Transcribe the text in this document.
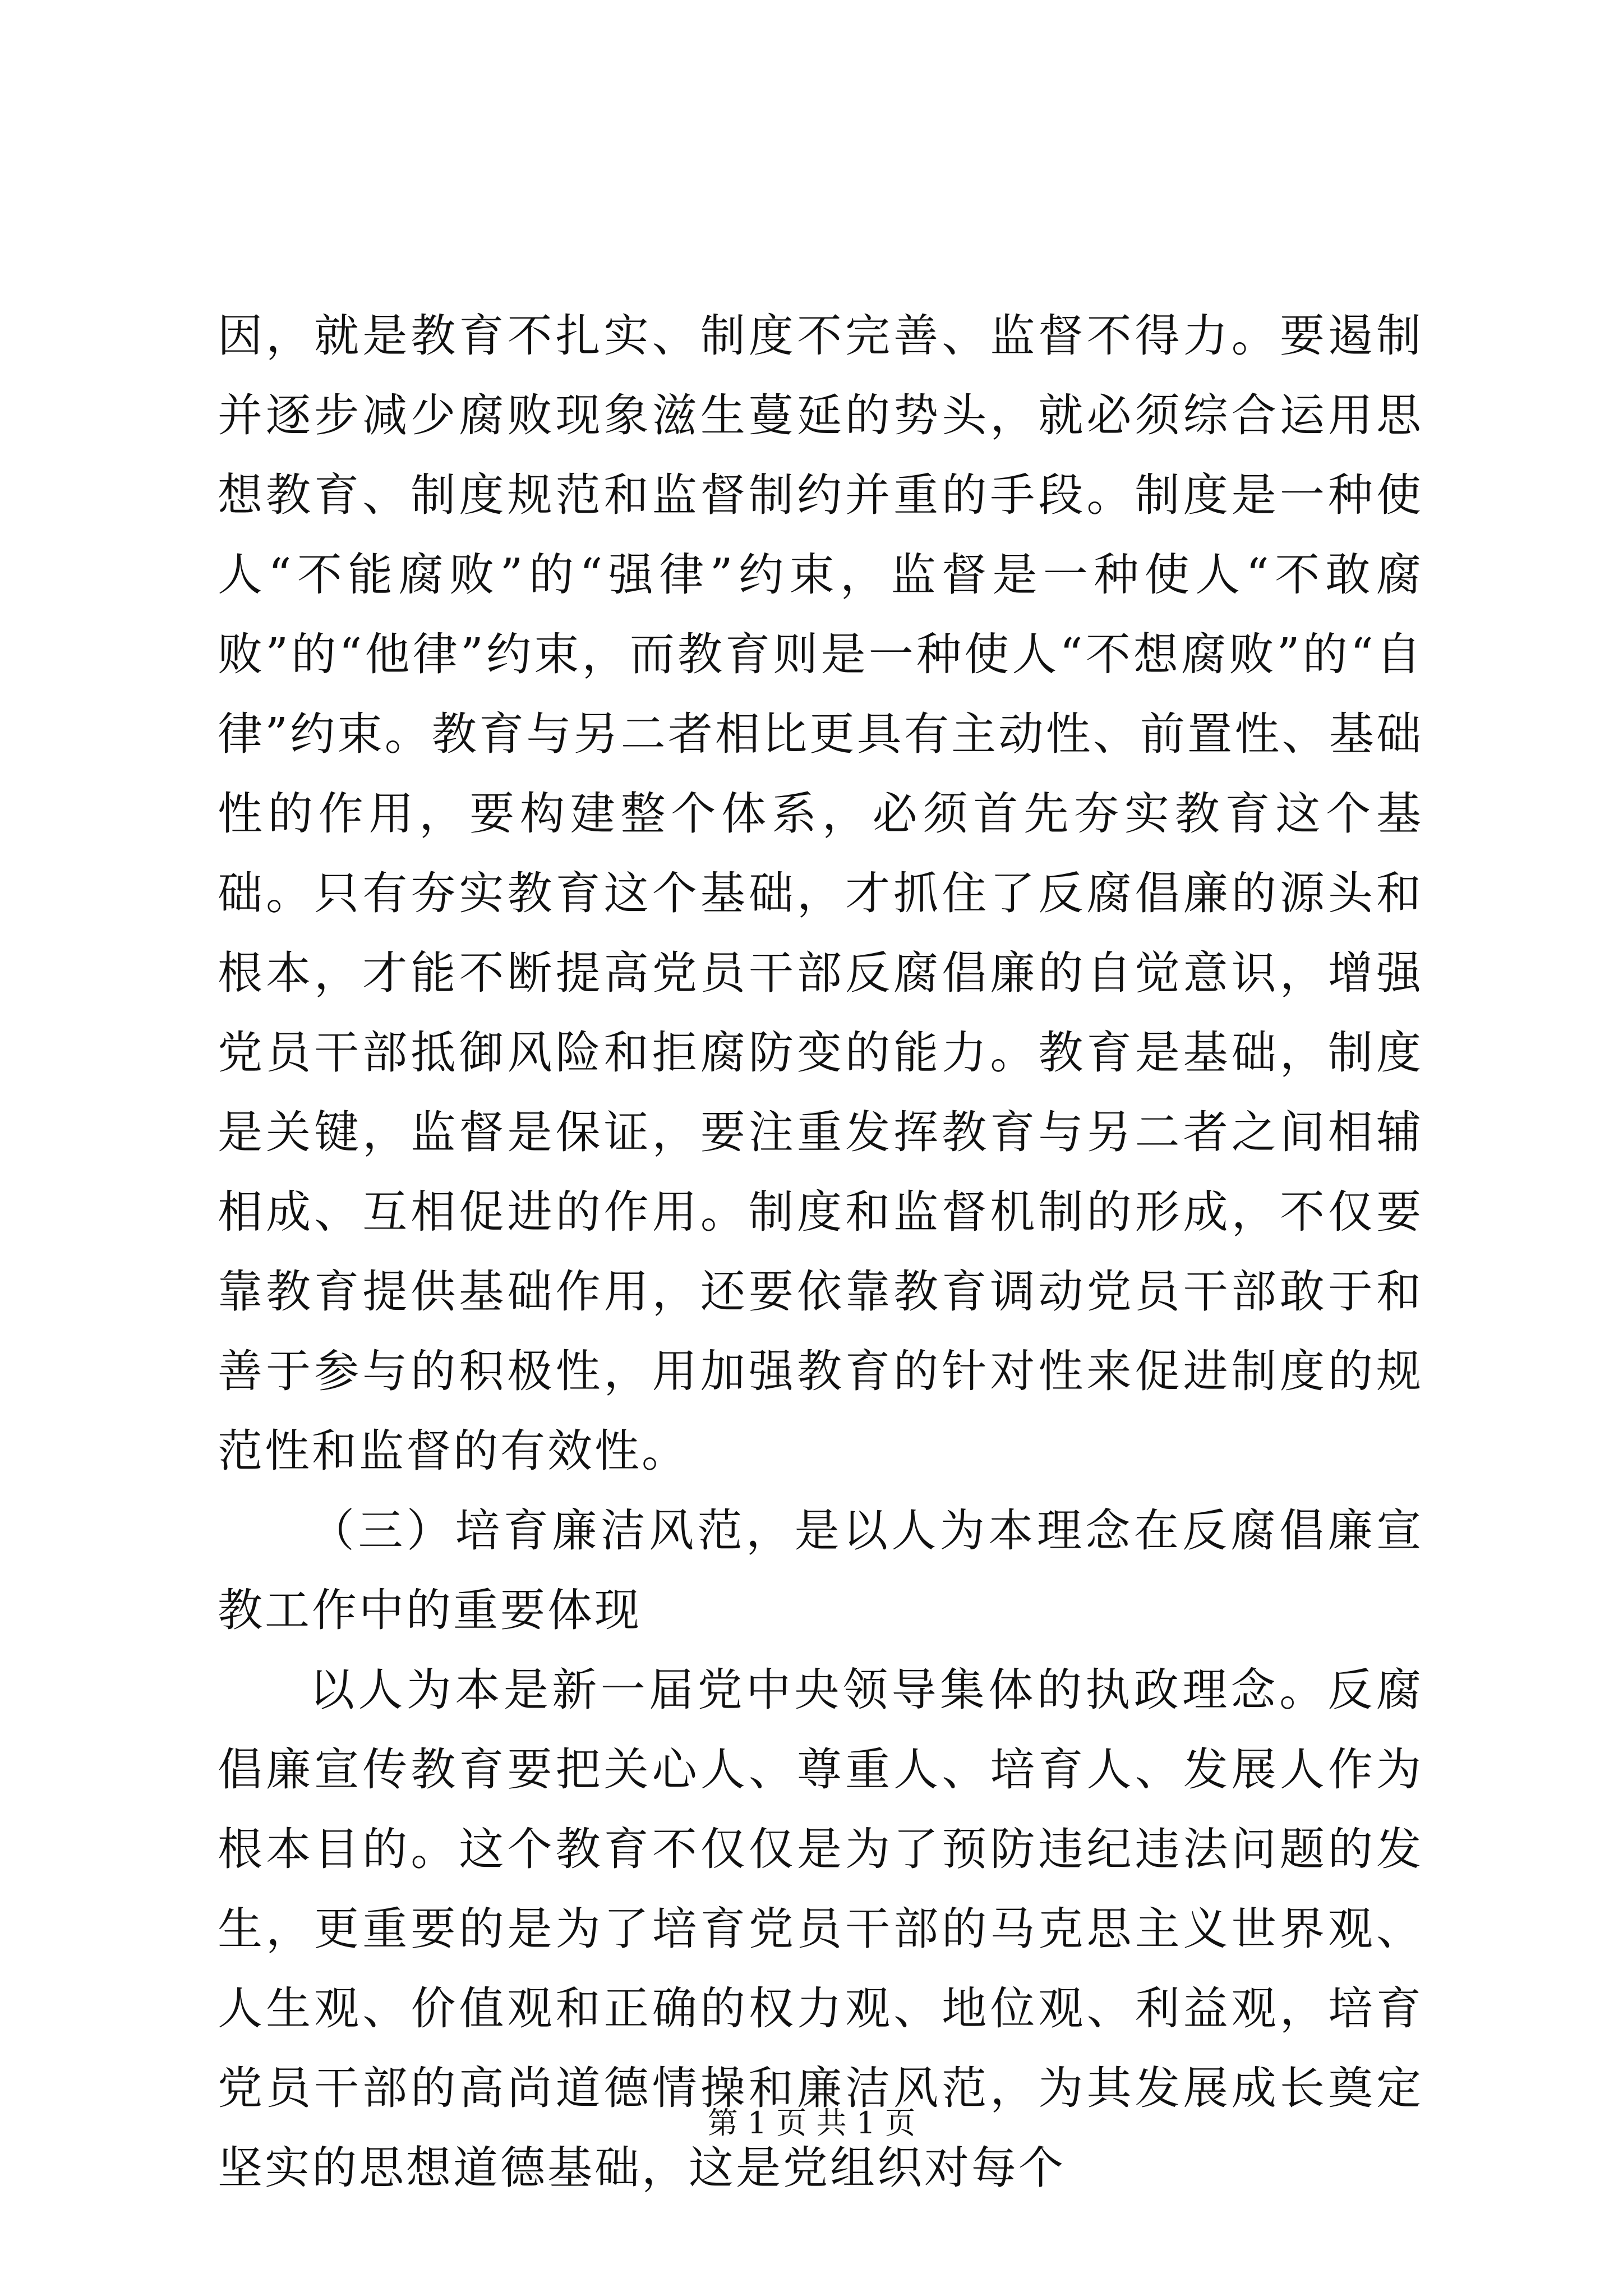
因，就是教育不扎实、制度不完善、监督不得力。要遏制并逐步减少腐败现象滋生蔓延的势头，就必须综合运用思想教育、制度规范和监督制约并重的手段。制度是一种使人“不能腐败”的“强律”约束，监督是一种使人“不敢腐败”的“他律”约束，而教育则是一种使人“不想腐败”的“自律”约束。教育与另二者相比更具有主动性、前置性、基础性的作用，要构建整个体系，必须首先夯实教育这个基础。只有夯实教育这个基础，才抓住了反腐倡廉的源头和根本，才能不断提高党员干部反腐倡廉的自觉意识，增强党员干部抵御风险和拒腐防变的能力。教育是基础，制度是关键，监督是保证，要注重发挥教育与另二者之间相辅相成、互相促进的作用。制度和监督机制的形成，不仅要靠教育提供基础作用，还要依靠教育调动党员干部敢于和善于参与的积极性，用加强教育的针对性来促进制度的规范性和监督的有效性。

（三）培育廉洁风范，是以人为本理念在反腐倡廉宣教工作中的重要体现

以人为本是新一届党中央领导集体的执政理念。反腐倡廉宣传教育要把关心人、尊重人、培育人、发展人作为根本目的。这个教育不仅仅是为了预防违纪违法问题的发生，更重要的是为了培育党员干部的马克思主义世界观、人生观、价值观和正确的权力观、地位观、利益观，培育党员干部的高尚道德情操和廉洁风范，为其发展成长奠定坚实的思想道德基础，这是党组织对每个

第 1 页 共 1 页
